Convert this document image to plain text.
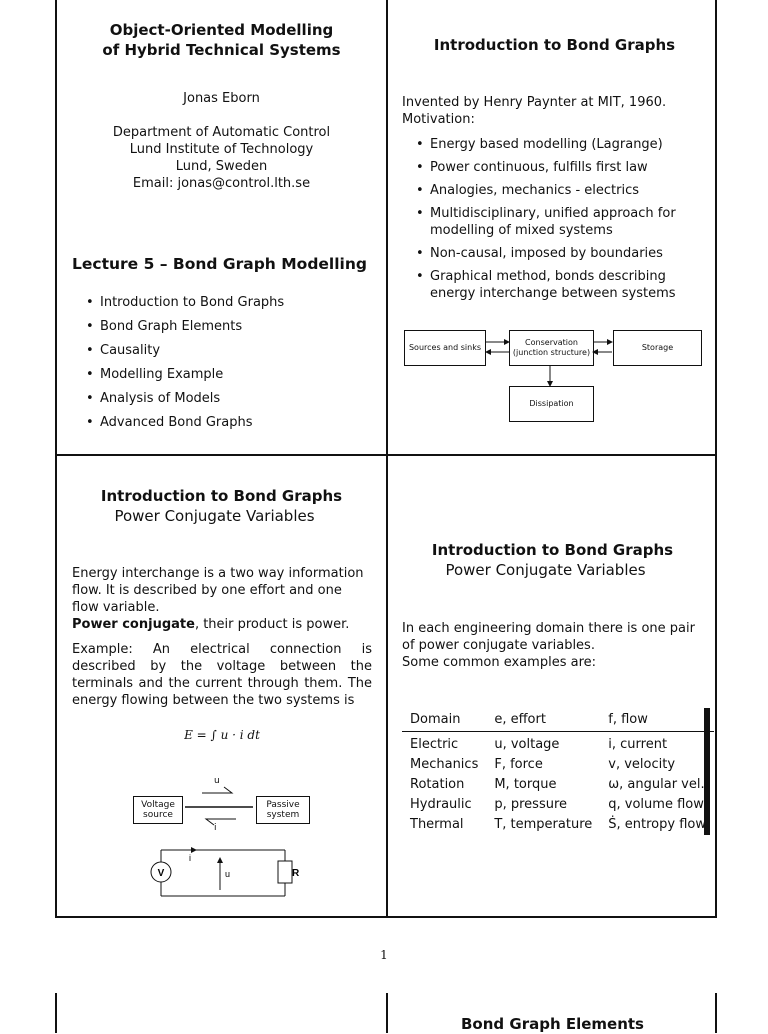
Object-Oriented Modelling
of Hybrid Technical Systems
Jonas Eborn
Department of Automatic Control
Lund Institute of Technology
Lund, Sweden
Email: jonas@control.lth.se
Lecture 5 – Bond Graph Modelling
• Introduction to Bond Graphs
• Bond Graph Elements
• Causality
• Modelling Example
• Analysis of Models
• Advanced Bond Graphs
Introduction to Bond Graphs
Invented by Henry Paynter at MIT, 1960.
Motivation:
• Energy based modelling (Lagrange)
• Power continuous, fulfills first law
• Analogies, mechanics - electrics
• Multidisciplinary, unified approach for modelling of mixed systems
• Non-causal, imposed by boundaries
• Graphical method, bonds describing energy interchange between systems
Sources and sinks
Conservation
(junction structure)
Storage
Dissipation
Introduction to Bond Graphs
Power Conjugate Variables
Energy interchange is a two way information flow. It is described by one effort and one flow variable.
Power conjugate, their product is power.
Example: An electrical connection is described by the voltage between the terminals and the current through them. The energy flowing between the two systems is
E = ∫ u · i dt
Voltage
source
Passive
system
u
i
V	R
i
u
Introduction to Bond Graphs
Power Conjugate Variables
In each engineering domain there is one pair of power conjugate variables.
Some common examples are:
Domain	e, effort	f, flow
Electric	u, voltage	i, current
Mechanics	F, force	v, velocity
Rotation	M, torque	ω, angular vel.
Hydraulic	p, pressure	q, volume flow
Thermal	T, temperature	Ṡ, entropy flow
1
Bond Graph Elements
